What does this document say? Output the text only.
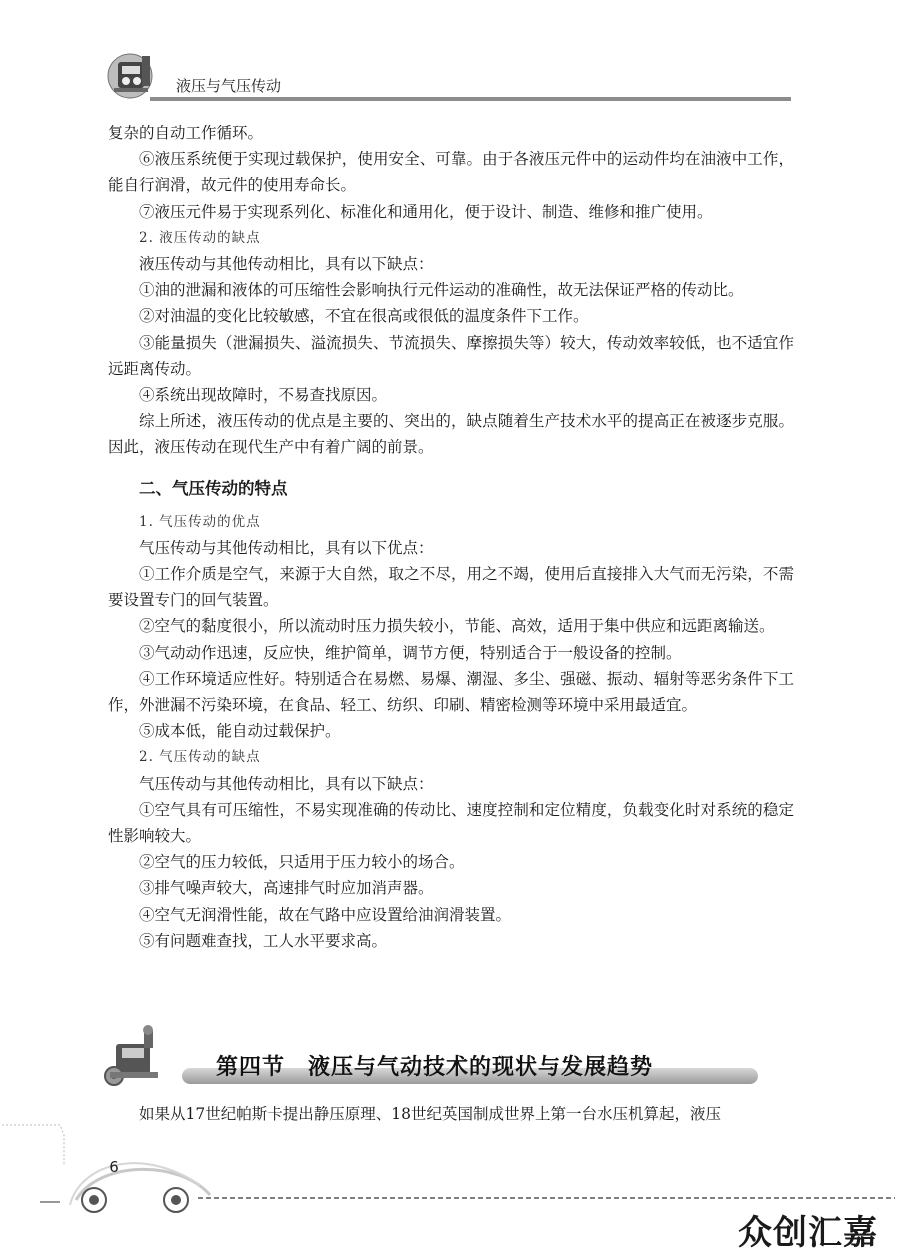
液压与气压传动

复杂的自动工作循环。

⑥液压系统便于实现过载保护，使用安全、可靠。由于各液压元件中的运动件均在油液中工作，能自行润滑，故元件的使用寿命长。

⑦液压元件易于实现系列化、标准化和通用化，便于设计、制造、维修和推广使用。

2. 液压传动的缺点

液压传动与其他传动相比，具有以下缺点：

①油的泄漏和液体的可压缩性会影响执行元件运动的准确性，故无法保证严格的传动比。

②对油温的变化比较敏感，不宜在很高或很低的温度条件下工作。

③能量损失（泄漏损失、溢流损失、节流损失、摩擦损失等）较大，传动效率较低，也不适宜作远距离传动。

④系统出现故障时，不易查找原因。

综上所述，液压传动的优点是主要的、突出的，缺点随着生产技术水平的提高正在被逐步克服。因此，液压传动在现代生产中有着广阔的前景。

二、气压传动的特点

1. 气压传动的优点

气压传动与其他传动相比，具有以下优点：

①工作介质是空气，来源于大自然，取之不尽，用之不竭，使用后直接排入大气而无污染，不需要设置专门的回气装置。

②空气的黏度很小，所以流动时压力损失较小，节能、高效，适用于集中供应和远距离输送。

③气动动作迅速，反应快，维护简单，调节方便，特别适合于一般设备的控制。

④工作环境适应性好。特别适合在易燃、易爆、潮湿、多尘、强磁、振动、辐射等恶劣条件下工作，外泄漏不污染环境，在食品、轻工、纺织、印刷、精密检测等环境中采用最适宜。

⑤成本低，能自动过载保护。

2. 气压传动的缺点

气压传动与其他传动相比，具有以下缺点：

①空气具有可压缩性，不易实现准确的传动比、速度控制和定位精度，负载变化时对系统的稳定性影响较大。

②空气的压力较低，只适用于压力较小的场合。

③排气噪声较大，高速排气时应加消声器。

④空气无润滑性能，故在气路中应设置给油润滑装置。

⑤有问题难查找，工人水平要求高。

第四节　液压与气动技术的现状与发展趋势

如果从17世纪帕斯卡提出静压原理、18世纪英国制成世界上第一台水压机算起，液压

6
众创汇嘉
